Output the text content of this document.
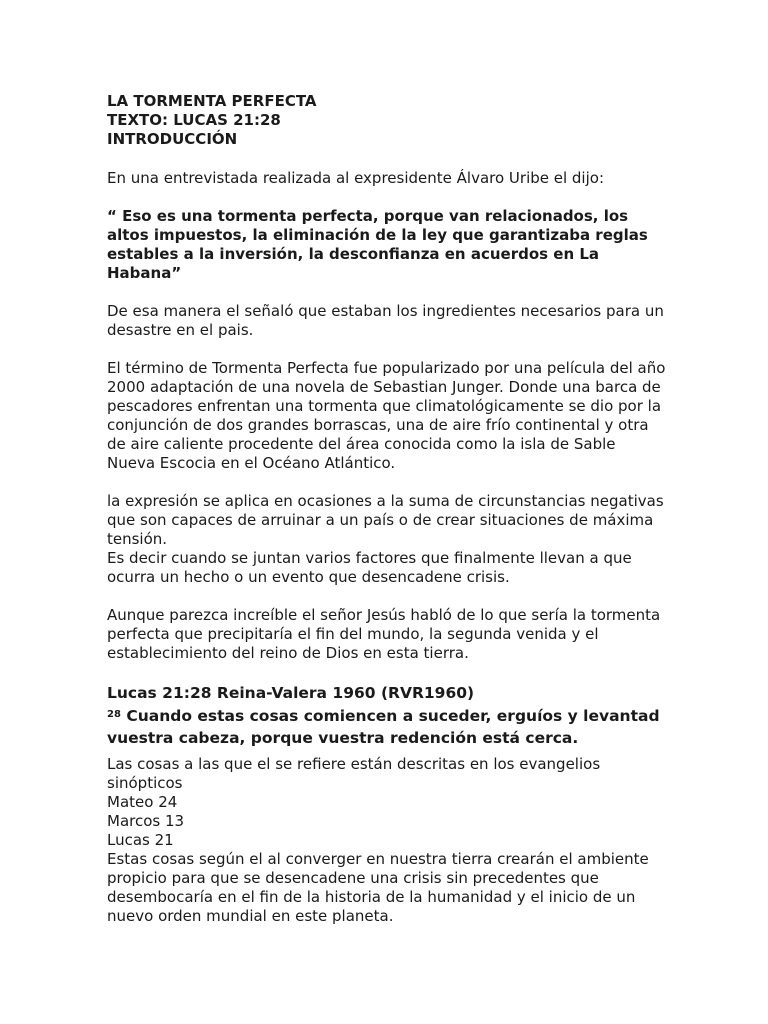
LA TORMENTA PERFECTA
TEXTO: LUCAS 21:28
INTRODUCCIÓN

En una entrevistada realizada al expresidente Álvaro Uribe el dijo:

“ Eso es una tormenta perfecta, porque van relacionados, los altos impuestos, la eliminación de la ley que garantizaba reglas estables a la inversión, la desconfianza en acuerdos en La Habana”

De esa manera el señaló que estaban los ingredientes necesarios para un desastre en el pais.

El término de Tormenta Perfecta fue popularizado por una película del año 2000 adaptación de una novela de Sebastian Junger. Donde una barca de pescadores enfrentan una tormenta que climatológicamente se dio por la conjunción de dos grandes borrascas, una de aire frío continental y otra de aire caliente procedente del área conocida como la isla de Sable Nueva Escocia en el Océano Atlántico.

la expresión se aplica en ocasiones a la suma de circunstancias negativas que son capaces de arruinar a un país o de crear situaciones de máxima tensión.
Es decir cuando se juntan varios factores que finalmente llevan a que ocurra un hecho o un evento que desencadene crisis.

Aunque parezca increíble el señor Jesús habló de lo que sería la tormenta perfecta que precipitaría el fin del mundo, la segunda venida y el establecimiento del reino de Dios en esta tierra.

Lucas 21:28 Reina-Valera 1960 (RVR1960)
$^{28}$ Cuando estas cosas comiencen a suceder, erguíos y levantad vuestra cabeza, porque vuestra redención está cerca.
Las cosas a las que el se refiere están descritas en los evangelios sinópticos
Mateo 24
Marcos 13
Lucas 21
Estas cosas según el al converger en nuestra tierra crearán el ambiente propicio para que se desencadene una crisis sin precedentes que desembocaría en el fin de la historia de la humanidad y el inicio de un nuevo orden mundial en este planeta.
